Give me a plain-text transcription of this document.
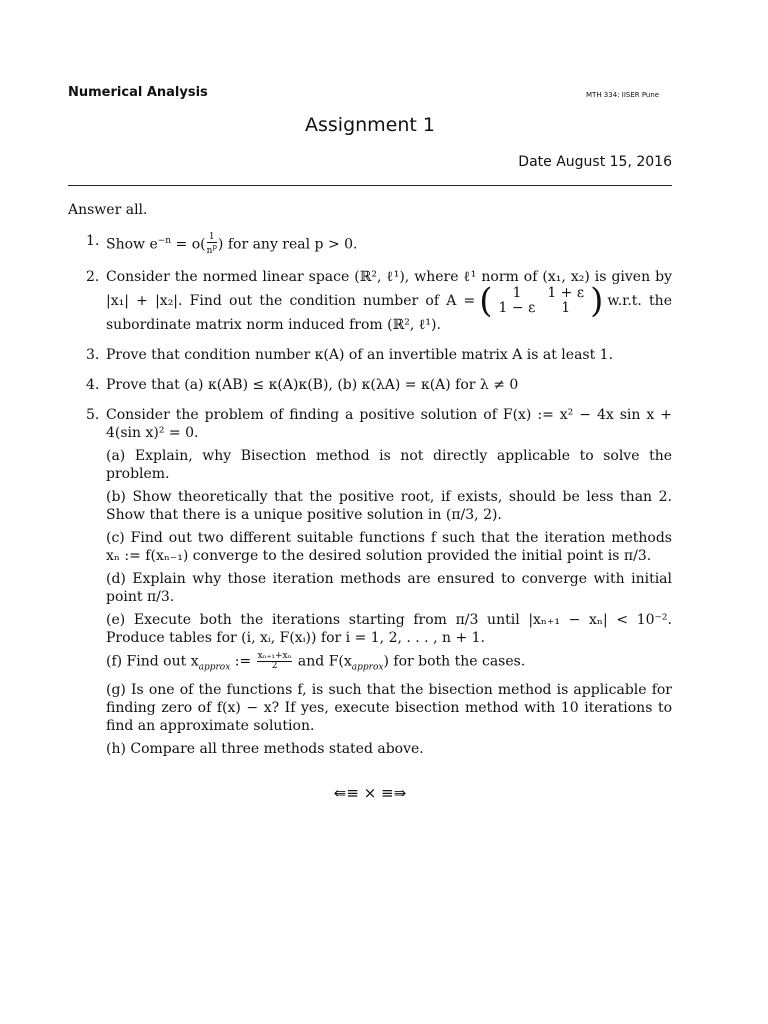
Numerical Analysis	MTH 334: IISER Pune
Assignment 1
Date August 15, 2016
Answer all.
1. Show $e^{-n} = o( \frac{1}{n^p}$ ) for any real p > 0.
2. Consider the normed linear space (ℝ², ℓ¹), where ℓ¹ norm of (x₁, x₂) is given by |x₁| + |x₂|. Find out the condition number of A = ( 1	1 + ε
1 − ε	1 ) w.r.t. the subordinate matrix norm induced from (ℝ², ℓ¹).
3. Prove that condition number κ(A) of an invertible matrix A is at least 1.
4. Prove that (a) κ(AB) ≤ κ(A)κ(B), (b) κ(λA) = κ(A) for λ ≠ 0
5. Consider the problem of finding a positive solution of F(x) := x² − 4x sin x + 4(sin x)² = 0.
(a) Explain, why Bisection method is not directly applicable to solve the problem.
(b) Show theoretically that the positive root, if exists, should be less than 2. Show that there is a unique positive solution in (π/3, 2).
(c) Find out two different suitable functions f such that the iteration methods xₙ := f(xₙ₋₁) converge to the desired solution provided the initial point is π/3.
(d) Explain why those iteration methods are ensured to converge with initial point π/3.
(e) Execute both the iterations starting from π/3 until |xₙ₊₁ − xₙ| < 10⁻². Produce tables for (i, xᵢ, F(xᵢ)) for i = 1, 2, . . . , n + 1.
(f) Find out $x_{approx}$ := $\frac{\text{xₙ₊₁+xₙ}}{2}$ and $F(x_{approx})$ for both the cases.
(g) Is one of the functions f, is such that the bisection method is applicable for finding zero of f(x) − x? If yes, execute bisection method with 10 iterations to find an approximate solution.
(h) Compare all three methods stated above.
⇚≡ × ≡⇛
